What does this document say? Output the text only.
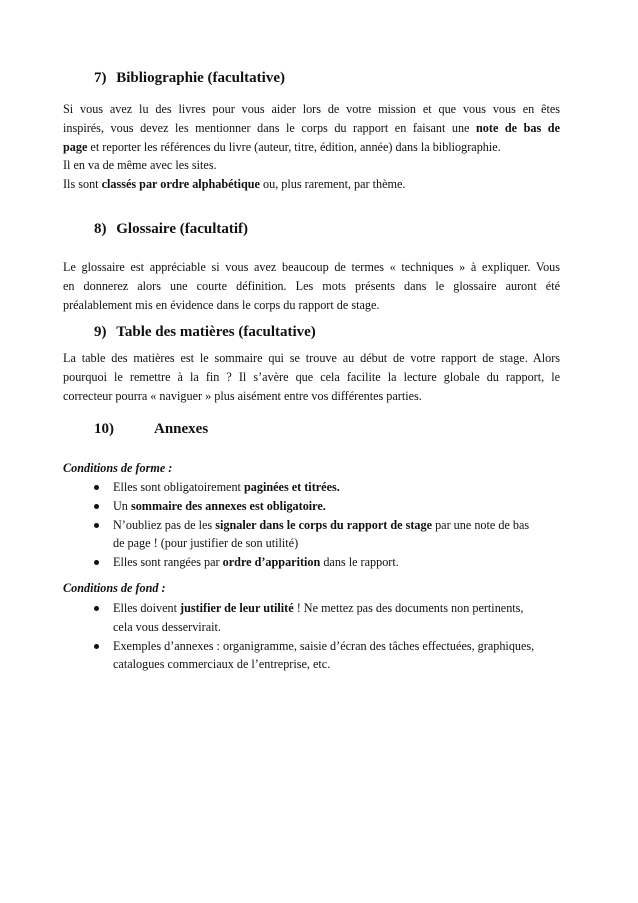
7) Bibliographie (facultative)
Si vous avez lu des livres pour vous aider lors de votre mission et que vous vous en êtes
inspirés, vous devez les mentionner dans le corps du rapport en faisant une note de bas de
page et reporter les références du livre (auteur, titre, édition, année) dans la bibliographie.
Il en va de même avec les sites.
Ils sont classés par ordre alphabétique ou, plus rarement, par thème.
8) Glossaire (facultatif)
Le glossaire est appréciable si vous avez beaucoup de termes « techniques » à expliquer. Vous
en donnerez alors une courte définition. Les mots présents dans le glossaire auront été
préalablement mis en évidence dans le corps du rapport de stage.
9) Table des matières (facultative)
La table des matières est le sommaire qui se trouve au début de votre rapport de stage. Alors
pourquoi le remettre à la fin ? Il s’avère que cela facilite la lecture globale du rapport, le
correcteur pourra « naviguer » plus aisément entre vos différentes parties.
10)	Annexes
Conditions de forme :
Elles sont obligatoirement paginées et titrées.
Un sommaire des annexes est obligatoire.
N’oubliez pas de les signaler dans le corps du rapport de stage par une note de bas
de page ! (pour justifier de son utilité)
Elles sont rangées par ordre d’apparition dans le rapport.
Conditions de fond :
Elles doivent justifier de leur utilité ! Ne mettez pas des documents non pertinents,
cela vous desservirait.
Exemples d’annexes : organigramme, saisie d’écran des tâches effectuées, graphiques,
catalogues commerciaux de l’entreprise, etc.
